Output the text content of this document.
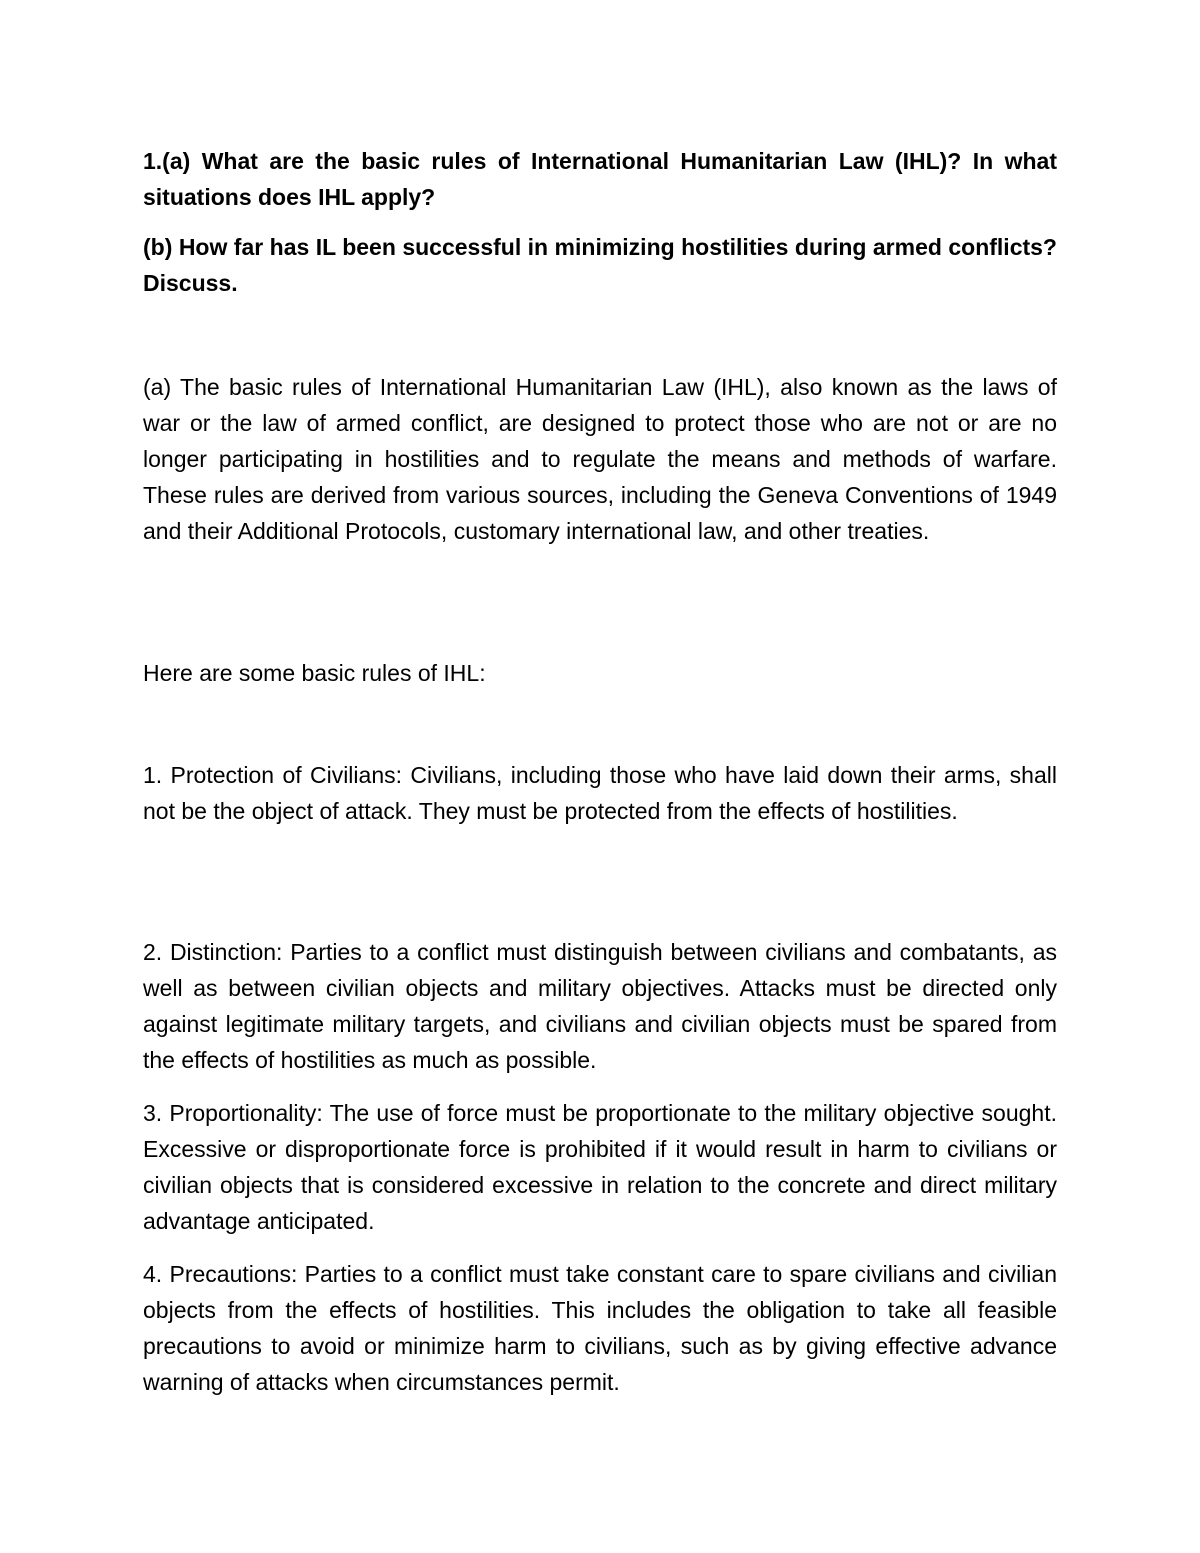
1.(a) What are the basic rules of International Humanitarian Law (IHL)? In what situations does IHL apply?

(b) How far has IL been successful in minimizing hostilities during armed conflicts? Discuss.

(a) The basic rules of International Humanitarian Law (IHL), also known as the laws of war or the law of armed conflict, are designed to protect those who are not or are no longer participating in hostilities and to regulate the means and methods of warfare. These rules are derived from various sources, including the Geneva Conventions of 1949 and their Additional Protocols, customary international law, and other treaties.

Here are some basic rules of IHL:

1. Protection of Civilians: Civilians, including those who have laid down their arms, shall not be the object of attack. They must be protected from the effects of hostilities.

2. Distinction: Parties to a conflict must distinguish between civilians and combatants, as well as between civilian objects and military objectives. Attacks must be directed only against legitimate military targets, and civilians and civilian objects must be spared from the effects of hostilities as much as possible.

3. Proportionality: The use of force must be proportionate to the military objective sought. Excessive or disproportionate force is prohibited if it would result in harm to civilians or civilian objects that is considered excessive in relation to the concrete and direct military advantage anticipated.

4. Precautions: Parties to a conflict must take constant care to spare civilians and civilian objects from the effects of hostilities. This includes the obligation to take all feasible precautions to avoid or minimize harm to civilians, such as by giving effective advance warning of attacks when circumstances permit.
